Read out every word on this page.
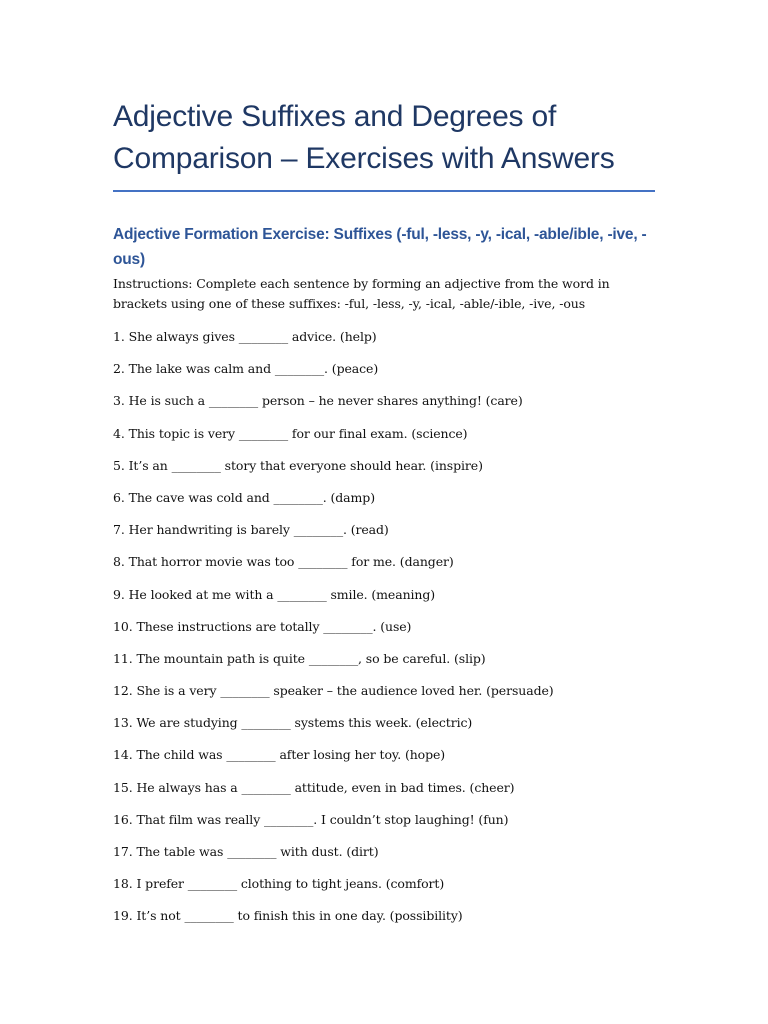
Adjective Suffixes and Degrees of Comparison – Exercises with Answers
Adjective Formation Exercise: Suffixes (-ful, -less, -y, -ical, -able/ible, -ive, -ous)

Instructions: Complete each sentence by forming an adjective from the word in brackets using one of these suffixes: -ful, -less, -y, -ical, -able/-ible, -ive, -ous

1. She always gives ________ advice. (help)
2. The lake was calm and ________. (peace)
3. He is such a ________ person – he never shares anything! (care)
4. This topic is very ________ for our final exam. (science)
5. It’s an ________ story that everyone should hear. (inspire)
6. The cave was cold and ________. (damp)
7. Her handwriting is barely ________. (read)
8. That horror movie was too ________ for me. (danger)
9. He looked at me with a ________ smile. (meaning)
10. These instructions are totally ________. (use)
11. The mountain path is quite ________, so be careful. (slip)
12. She is a very ________ speaker – the audience loved her. (persuade)
13. We are studying ________ systems this week. (electric)
14. The child was ________ after losing her toy. (hope)
15. He always has a ________ attitude, even in bad times. (cheer)
16. That film was really ________. I couldn’t stop laughing! (fun)
17. The table was ________ with dust. (dirt)
18. I prefer ________ clothing to tight jeans. (comfort)
19. It’s not ________ to finish this in one day. (possibility)
